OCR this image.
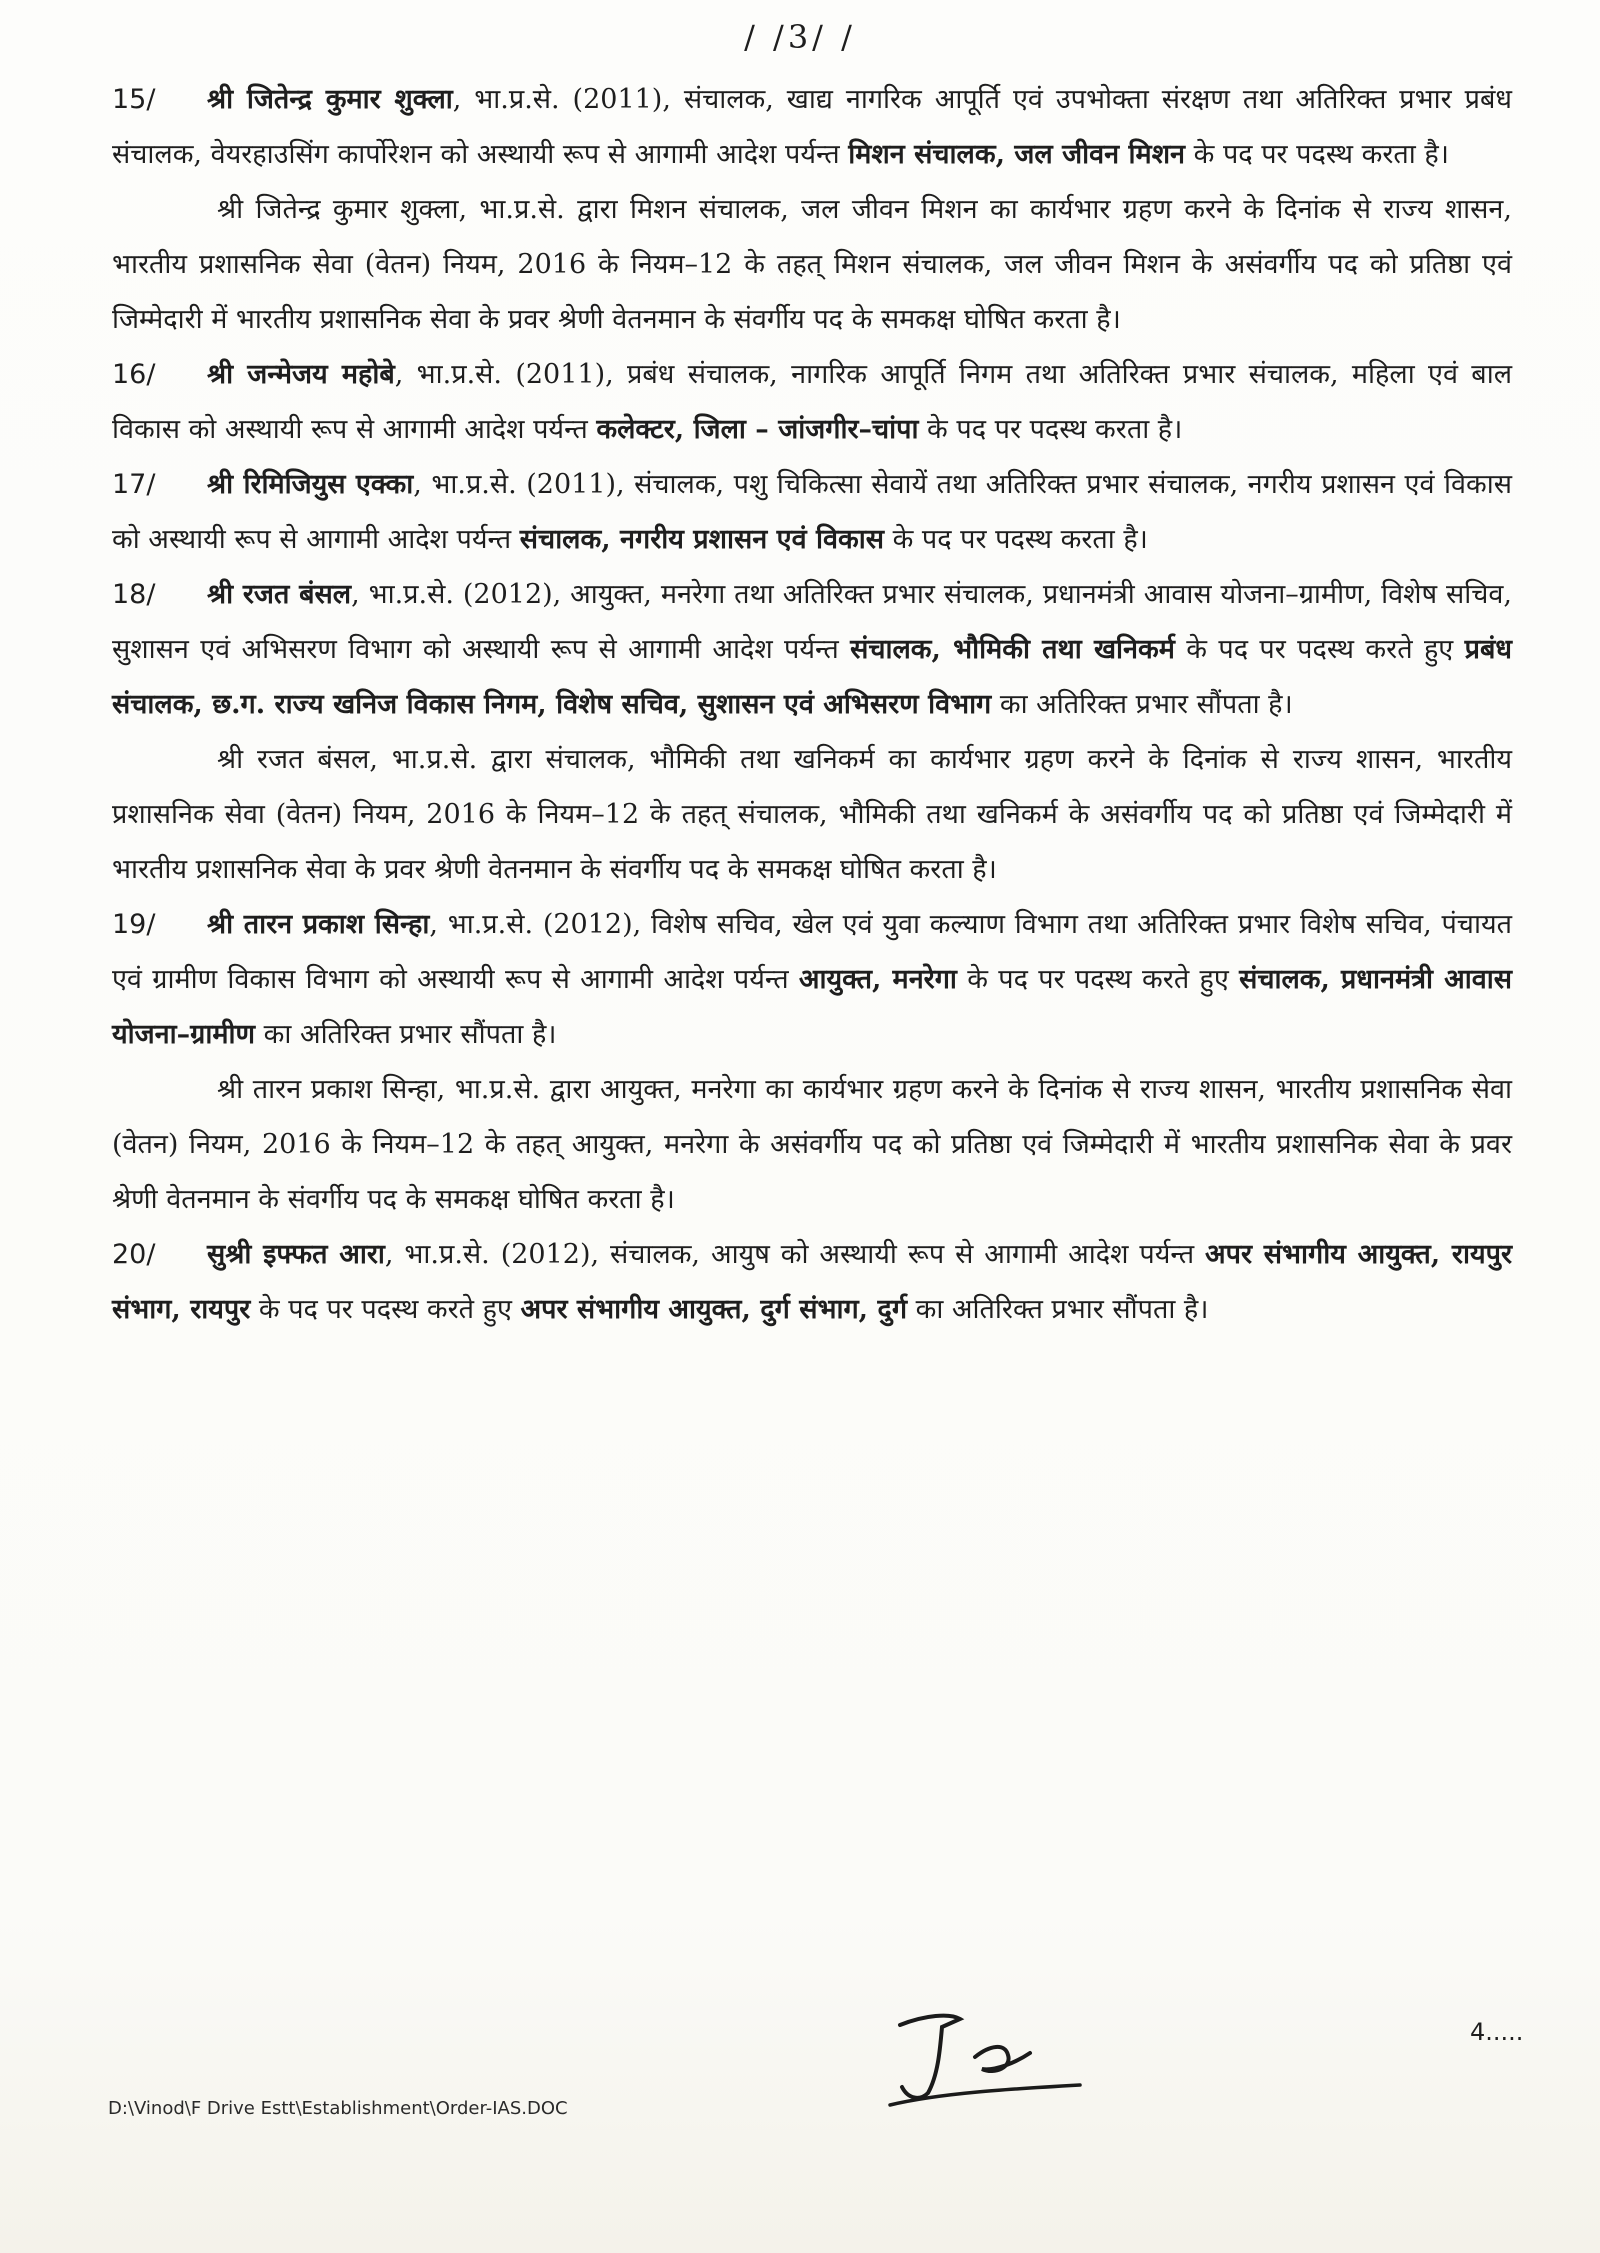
/ /3/ /

15/ श्री जितेन्द्र कुमार शुक्ला, भा.प्र.से. (2011), संचालक, खाद्य नागरिक आपूर्ति एवं उपभोक्ता संरक्षण तथा अतिरिक्त प्रभार प्रबंध संचालक, वेयरहाउसिंग कार्पोरेशन को अस्थायी रूप से आगामी आदेश पर्यन्त मिशन संचालक, जल जीवन मिशन के पद पर पदस्थ करता है।

श्री जितेन्द्र कुमार शुक्ला, भा.प्र.से. द्वारा मिशन संचालक, जल जीवन मिशन का कार्यभार ग्रहण करने के दिनांक से राज्य शासन, भारतीय प्रशासनिक सेवा (वेतन) नियम, 2016 के नियम–12 के तहत् मिशन संचालक, जल जीवन मिशन के असंवर्गीय पद को प्रतिष्ठा एवं जिम्मेदारी में भारतीय प्रशासनिक सेवा के प्रवर श्रेणी वेतनमान के संवर्गीय पद के समकक्ष घोषित करता है।

16/ श्री जन्मेजय महोबे, भा.प्र.से. (2011), प्रबंध संचालक, नागरिक आपूर्ति निगम तथा अतिरिक्त प्रभार संचालक, महिला एवं बाल विकास को अस्थायी रूप से आगामी आदेश पर्यन्त कलेक्टर, जिला – जांजगीर–चांपा के पद पर पदस्थ करता है।

17/ श्री रिमिजियुस एक्का, भा.प्र.से. (2011), संचालक, पशु चिकित्सा सेवायें तथा अतिरिक्त प्रभार संचालक, नगरीय प्रशासन एवं विकास को अस्थायी रूप से आगामी आदेश पर्यन्त संचालक, नगरीय प्रशासन एवं विकास के पद पर पदस्थ करता है।

18/ श्री रजत बंसल, भा.प्र.से. (2012), आयुक्त, मनरेगा तथा अतिरिक्त प्रभार संचालक, प्रधानमंत्री आवास योजना–ग्रामीण, विशेष सचिव, सुशासन एवं अभिसरण विभाग को अस्थायी रूप से आगामी आदेश पर्यन्त संचालक, भौमिकी तथा खनिकर्म के पद पर पदस्थ करते हुए प्रबंध संचालक, छ.ग. राज्य खनिज विकास निगम, विशेष सचिव, सुशासन एवं अभिसरण विभाग का अतिरिक्त प्रभार सौंपता है।

श्री रजत बंसल, भा.प्र.से. द्वारा संचालक, भौमिकी तथा खनिकर्म का कार्यभार ग्रहण करने के दिनांक से राज्य शासन, भारतीय प्रशासनिक सेवा (वेतन) नियम, 2016 के नियम–12 के तहत् संचालक, भौमिकी तथा खनिकर्म के असंवर्गीय पद को प्रतिष्ठा एवं जिम्मेदारी में भारतीय प्रशासनिक सेवा के प्रवर श्रेणी वेतनमान के संवर्गीय पद के समकक्ष घोषित करता है।

19/ श्री तारन प्रकाश सिन्हा, भा.प्र.से. (2012), विशेष सचिव, खेल एवं युवा कल्याण विभाग तथा अतिरिक्त प्रभार विशेष सचिव, पंचायत एवं ग्रामीण विकास विभाग को अस्थायी रूप से आगामी आदेश पर्यन्त आयुक्त, मनरेगा के पद पर पदस्थ करते हुए संचालक, प्रधानमंत्री आवास योजना–ग्रामीण का अतिरिक्त प्रभार सौंपता है।

श्री तारन प्रकाश सिन्हा, भा.प्र.से. द्वारा आयुक्त, मनरेगा का कार्यभार ग्रहण करने के दिनांक से राज्य शासन, भारतीय प्रशासनिक सेवा (वेतन) नियम, 2016 के नियम–12 के तहत् आयुक्त, मनरेगा के असंवर्गीय पद को प्रतिष्ठा एवं जिम्मेदारी में भारतीय प्रशासनिक सेवा के प्रवर श्रेणी वेतनमान के संवर्गीय पद के समकक्ष घोषित करता है।

20/ सुश्री इफ्फत आरा, भा.प्र.से. (2012), संचालक, आयुष को अस्थायी रूप से आगामी आदेश पर्यन्त अपर संभागीय आयुक्त, रायपुर संभाग, रायपुर के पद पर पदस्थ करते हुए अपर संभागीय आयुक्त, दुर्ग संभाग, दुर्ग का अतिरिक्त प्रभार सौंपता है।

4.....
D:\Vinod\F Drive Estt\Establishment\Order-IAS.DOC
